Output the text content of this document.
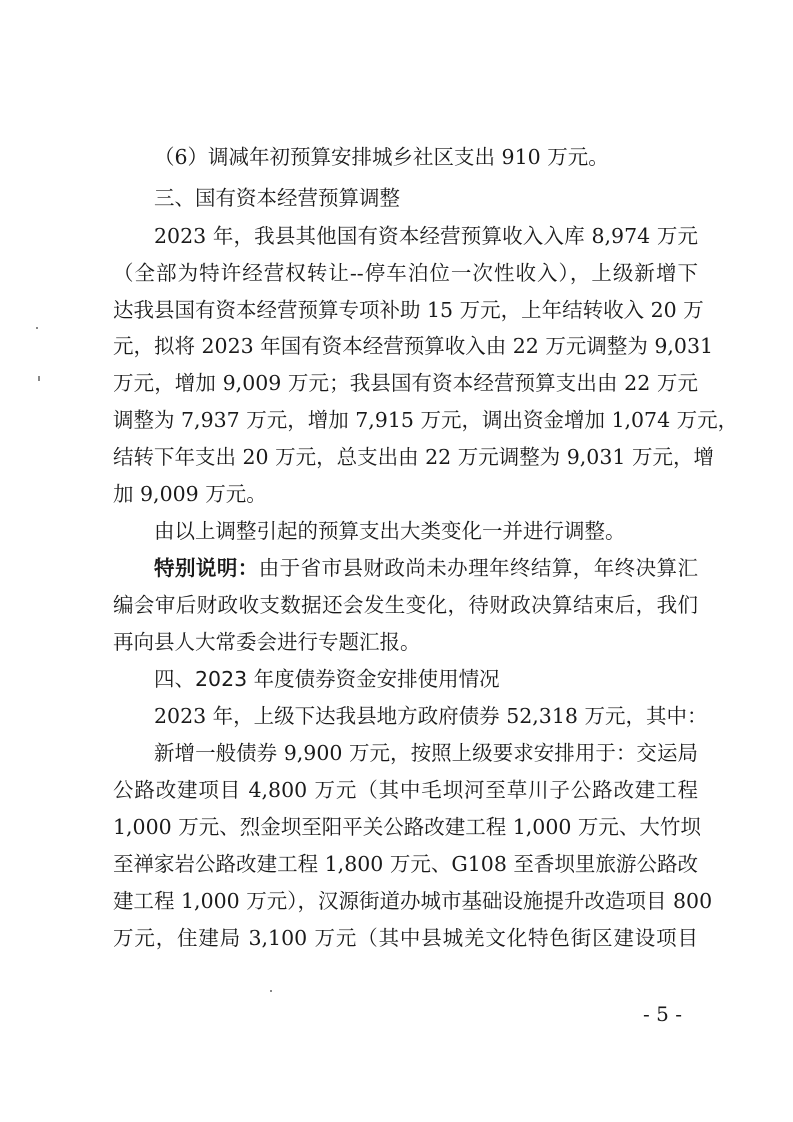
（6）调减年初预算安排城乡社区支出 910 万元。
三、国有资本经营预算调整
2023 年，我县其他国有资本经营预算收入入库 8,974 万元
（全部为特许经营权转让--停车泊位一次性收入），上级新增下
达我县国有资本经营预算专项补助 15 万元，上年结转收入 20 万
元，拟将 2023 年国有资本经营预算收入由 22 万元调整为 9,031
万元，增加 9,009 万元；我县国有资本经营预算支出由 22 万元
调整为 7,937 万元，增加 7,915 万元，调出资金增加 1,074 万元，
结转下年支出 20 万元，总支出由 22 万元调整为 9,031 万元，增
加 9,009 万元。
由以上调整引起的预算支出大类变化一并进行调整。
特别说明：由于省市县财政尚未办理年终结算，年终决算汇
编会审后财政收支数据还会发生变化，待财政决算结束后，我们
再向县人大常委会进行专题汇报。
四、2023 年度债券资金安排使用情况
2023 年，上级下达我县地方政府债券 52,318 万元，其中：
新增一般债券 9,900 万元，按照上级要求安排用于：交运局
公路改建项目 4,800 万元（其中毛坝河至草川子公路改建工程
1,000 万元、烈金坝至阳平关公路改建工程 1,000 万元、大竹坝
至禅家岩公路改建工程 1,800 万元、G108 至香坝里旅游公路改
建工程 1,000 万元），汉源街道办城市基础设施提升改造项目 800
万元，住建局 3,100 万元（其中县城羌文化特色街区建设项目
- 5 -
